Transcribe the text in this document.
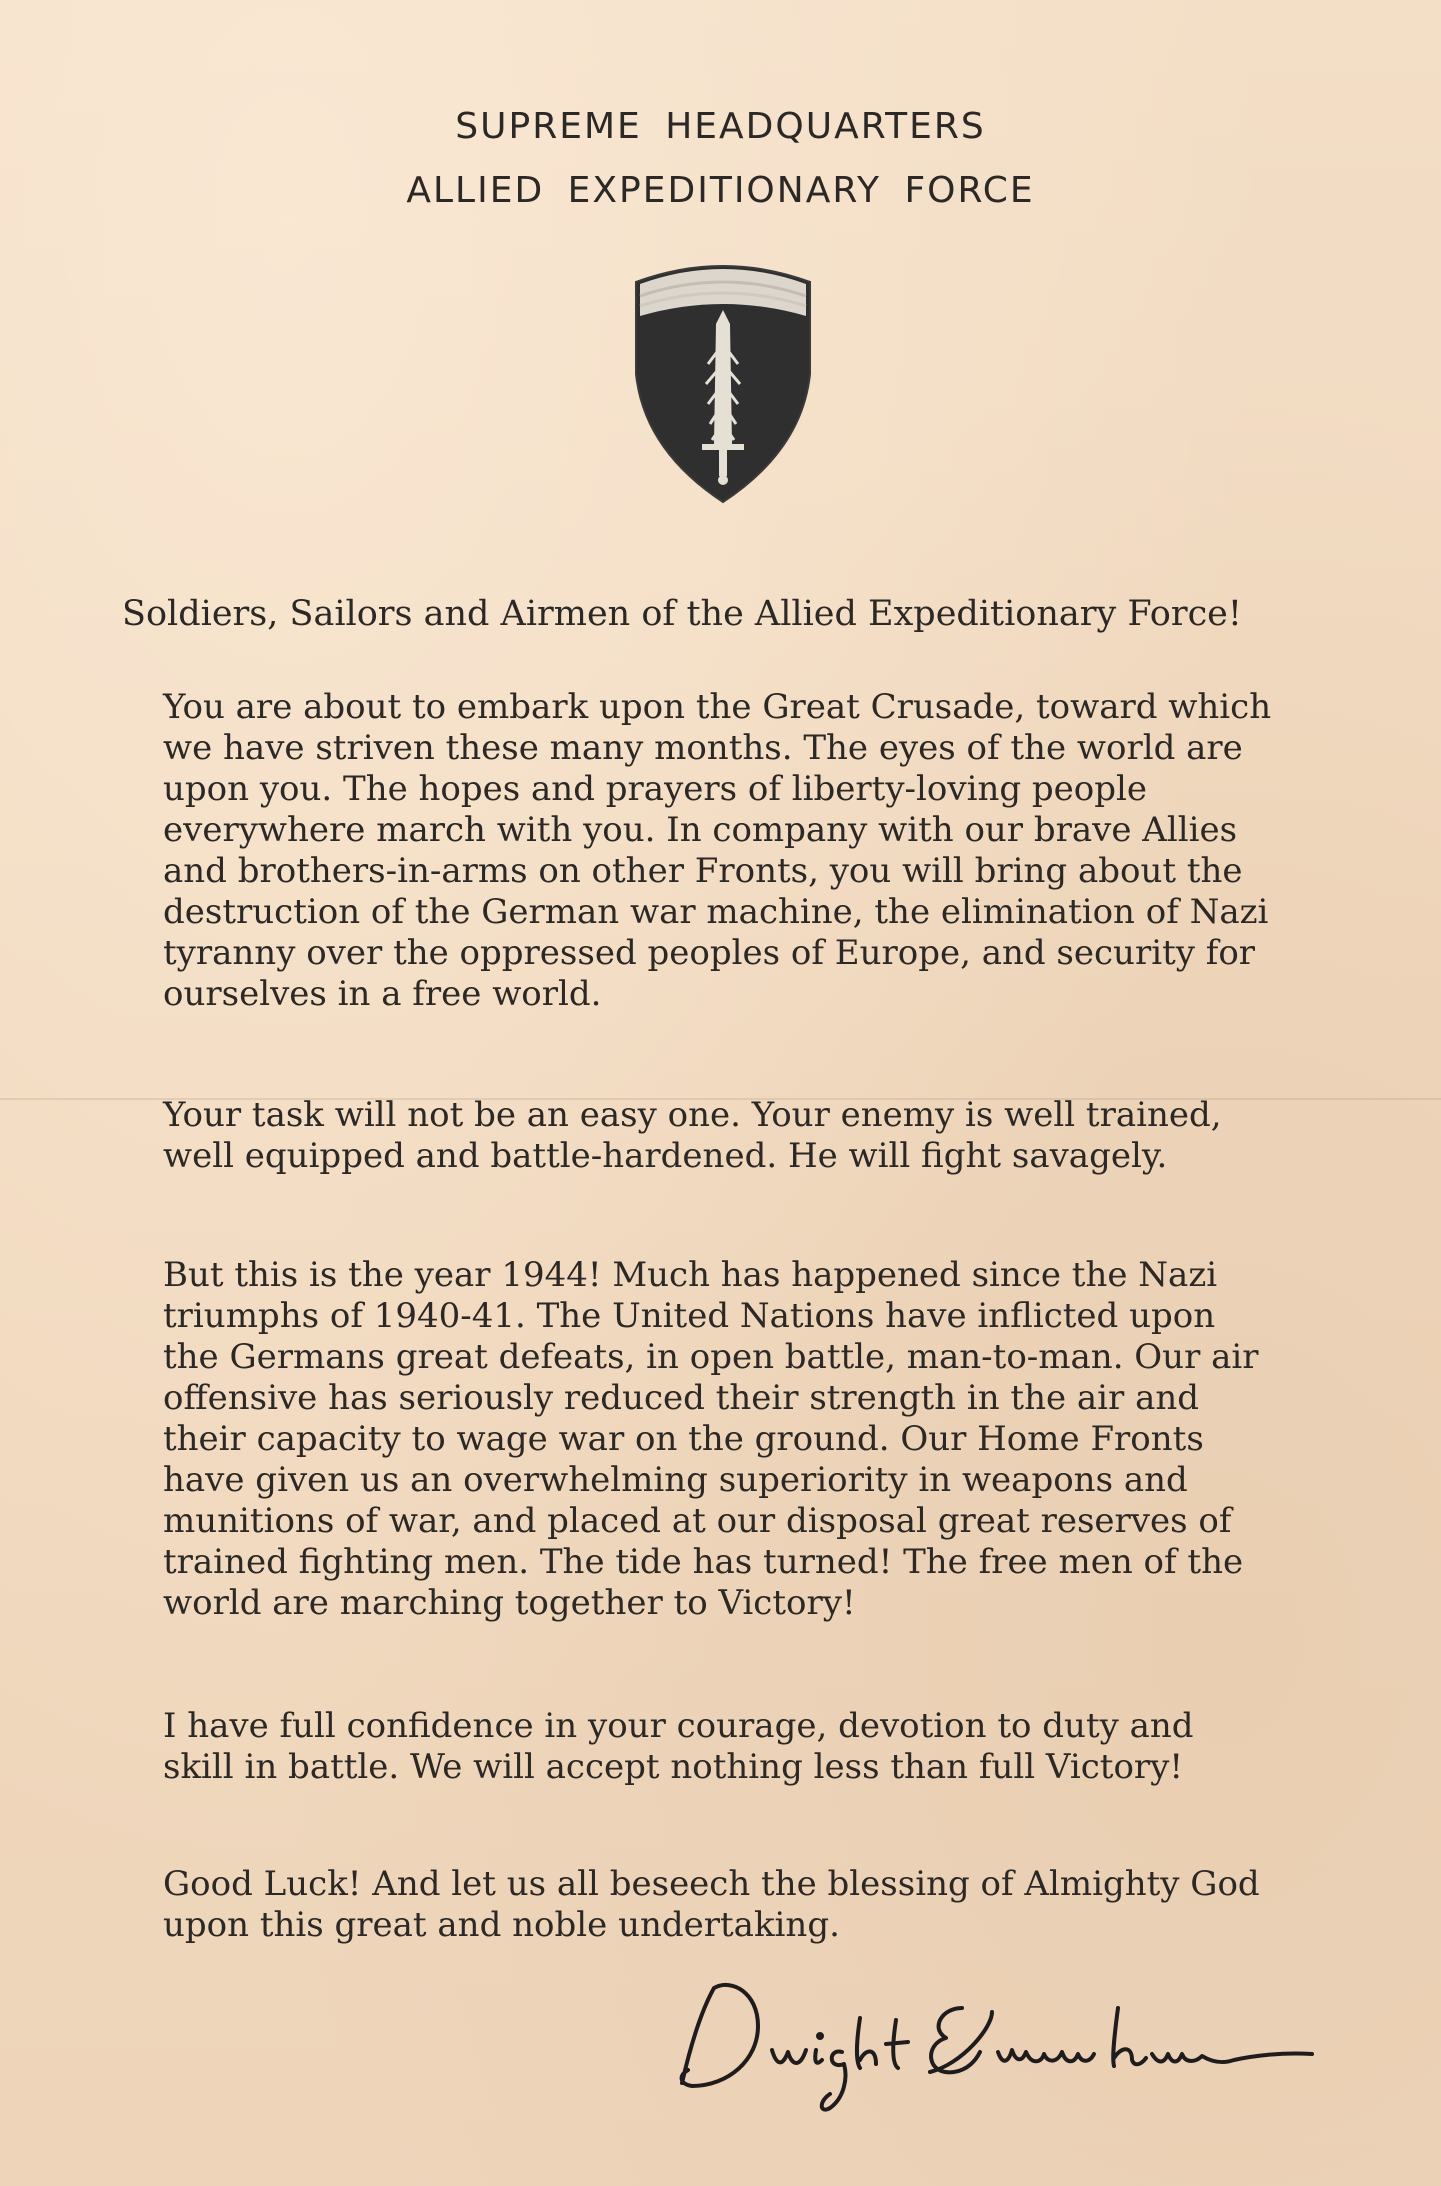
SUPREME HEADQUARTERS
ALLIED EXPEDITIONARY FORCE
Soldiers, Sailors and Airmen of the Allied Expeditionary Force!
You are about to embark upon the Great Crusade, toward which we have striven these many months. The eyes of the world are upon you. The hopes and prayers of liberty-loving people everywhere march with you. In company with our brave Allies and brothers-in-arms on other Fronts, you will bring about the destruction of the German war machine, the elimination of Nazi tyranny over the oppressed peoples of Europe, and security for ourselves in a free world.
Your task will not be an easy one. Your enemy is well trained, well equipped and battle-hardened. He will fight savagely.
But this is the year 1944! Much has happened since the Nazi triumphs of 1940-41. The United Nations have inflicted upon the Germans great defeats, in open battle, man-to-man. Our air offensive has seriously reduced their strength in the air and their capacity to wage war on the ground. Our Home Fronts have given us an overwhelming superiority in weapons and munitions of war, and placed at our disposal great reserves of trained fighting men. The tide has turned! The free men of the world are marching together to Victory!
I have full confidence in your courage, devotion to duty and skill in battle. We will accept nothing less than full Victory!
Good Luck! And let us all beseech the blessing of Almighty God upon this great and noble undertaking.
